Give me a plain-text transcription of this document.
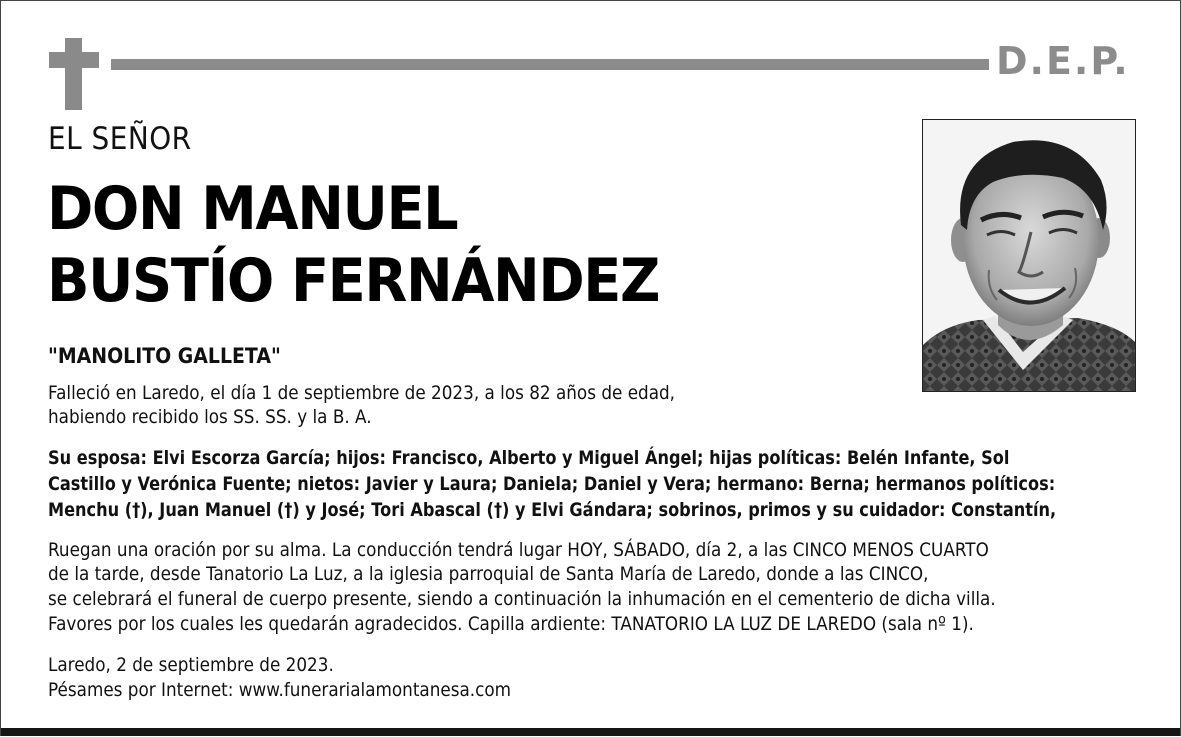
D.E.P.
EL SEÑOR
DON MANUEL
BUSTÍO FERNÁNDEZ
"MANOLITO GALLETA"
Falleció en Laredo, el día 1 de septiembre de 2023, a los 82 años de edad,
habiendo recibido los SS. SS. y la B. A.
Su esposa: Elvi Escorza García; hijos: Francisco, Alberto y Miguel Ángel; hijas políticas: Belén Infante, Sol
Castillo y Verónica Fuente; nietos: Javier y Laura; Daniela; Daniel y Vera; hermano: Berna; hermanos políticos:
Menchu (†), Juan Manuel (†) y José; Tori Abascal (†) y Elvi Gándara; sobrinos, primos y su cuidador: Constantín,
Ruegan una oración por su alma. La conducción tendrá lugar HOY, SÁBADO, día 2, a las CINCO MENOS CUARTO
de la tarde, desde Tanatorio La Luz, a la iglesia parroquial de Santa María de Laredo, donde a las CINCO,
se celebrará el funeral de cuerpo presente, siendo a continuación la inhumación en el cementerio de dicha villa.
Favores por los cuales les quedarán agradecidos. Capilla ardiente: TANATORIO LA LUZ DE LAREDO (sala nº 1).
Laredo, 2 de septiembre de 2023.
Pésames por Internet: www.funerarialamontanesa.com
